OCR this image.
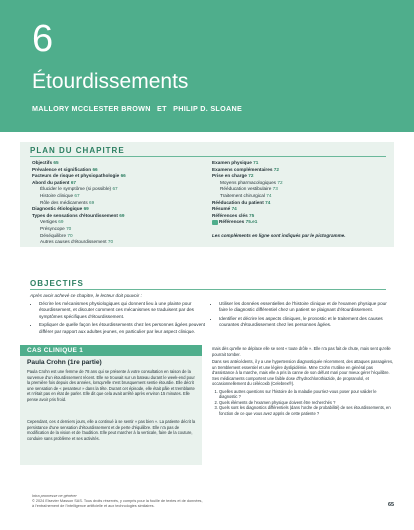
6
Étourdissements
MALLORY MCCLESTER BROWN ET PHILIP D. SLOANE
PLAN DU CHAPITRE
Objectifs 65
Prévalence et signification 66
Facteurs de risque et physiopathologie 66
Abord du patient 67
Élucider le symptôme (si possible) 67
Histoire clinique 67
Rôle des médicaments 69
Diagnostic étiologique 69
Types de sensations d'étourdissement 69
Vertiges 69
Présyncope 70
Déséquilibre 70
Autres causes d'étourdissement 70
Examen physique 71
Examens complémentaires 72
Prise en charge 72
Moyens pharmacologiques 72
Rééducation vestibulaire 73
Traitement chirurgical 74
Rééducation du patient 74
Résumé 74
Références clés 75
Références 75.e1
Les compléments en ligne sont indiqués par le pictogramme.
OBJECTIFS
Après avoir achevé ce chapitre, le lecteur doit pouvoir :
• Décrire les mécanismes physiologiques qui donnent lieu à une plainte pour étourdissement, et discuter comment ces mécanismes se traduisent par des symptômes spécifiques d'étourdissement.
• Expliquer de quelle façon les étourdissements chez les personnes âgées peuvent différer par rapport aux adultes jeunes, en particulier par leur aspect clinique.
• Utiliser les données essentielles de l'histoire clinique et de l'examen physique pour faire le diagnostic différentiel chez un patient se plaignant d'étourdissement.
• Identifier et décrire les aspects cliniques, le pronostic et le traitement des causes courantes d'étourdissement chez les personnes âgées.
CAS CLINIQUE 1
Paula Crohn (1re partie)
Paula Crohn est une femme de 78 ans qui se présente à votre consultation en raison de la survenue d'un étourdissement récent. Elle se trouvait sur un bateau durant le week-end pour la première fois depuis des années, lorsqu'elle s'est brusquement sentie étourdie. Elle décrit une sensation de « pesanteur » dans la tête. Durant cet épisode, elle était pâle et tremblante et n'était pas en état de parler. Elle dit que cela avait arrêté après environ 15 minutes. Elle pense avoir pris froid.
Cependant, ces 4 derniers jours, elle a continué à se sentir « pas bien ». La patiente décrit la persistance d'une sensation d'étourdissement et de perte d'équilibre. Elle n'a pas de modification de la vision et de l'audition. Elle peut marcher à la verticale, faire de la couture, conduire sans problème et ses activités.

mais dès qu'elle se déplace elle se sent « toute drôle ». Elle n'a pas fait de chute, mais sent qu'elle pourrait tomber.

Dans ses antécédents, il y a une hypertension diagnostiquée récemment, des attaques passagères, un tremblement essentiel et une légère dyslipidémie. Mme Crohn n'utilise en général pas d'assistance à la marche, mais elle a pris la canne de son défunt mari pour mieux gérer l'équilibre. Ses médicaments comportent une faible dose d'hydrochlorothiazide, de propranolol, et occasionnellement du célécoxib (Celebrex®).

1. Quelles autres questions sur l'histoire de la maladie pourriez-vous poser pour valider le diagnostic ?
2. Quels éléments de l'examen physique doivent être recherchés ?
3. Quels sont les diagnostics différentiels (dans l'ordre de probabilité) de ses étourdissements, en fonction de ce que vous avez appris de cette patiente ?
Intra promesse ne générer
© 2024 Elsevier Masson SAS. Tous droits réservés, y compris pour la fouille de textes et de données,
à l'entraînement de l'intelligence artificielle et aux technologies similaires.	65
